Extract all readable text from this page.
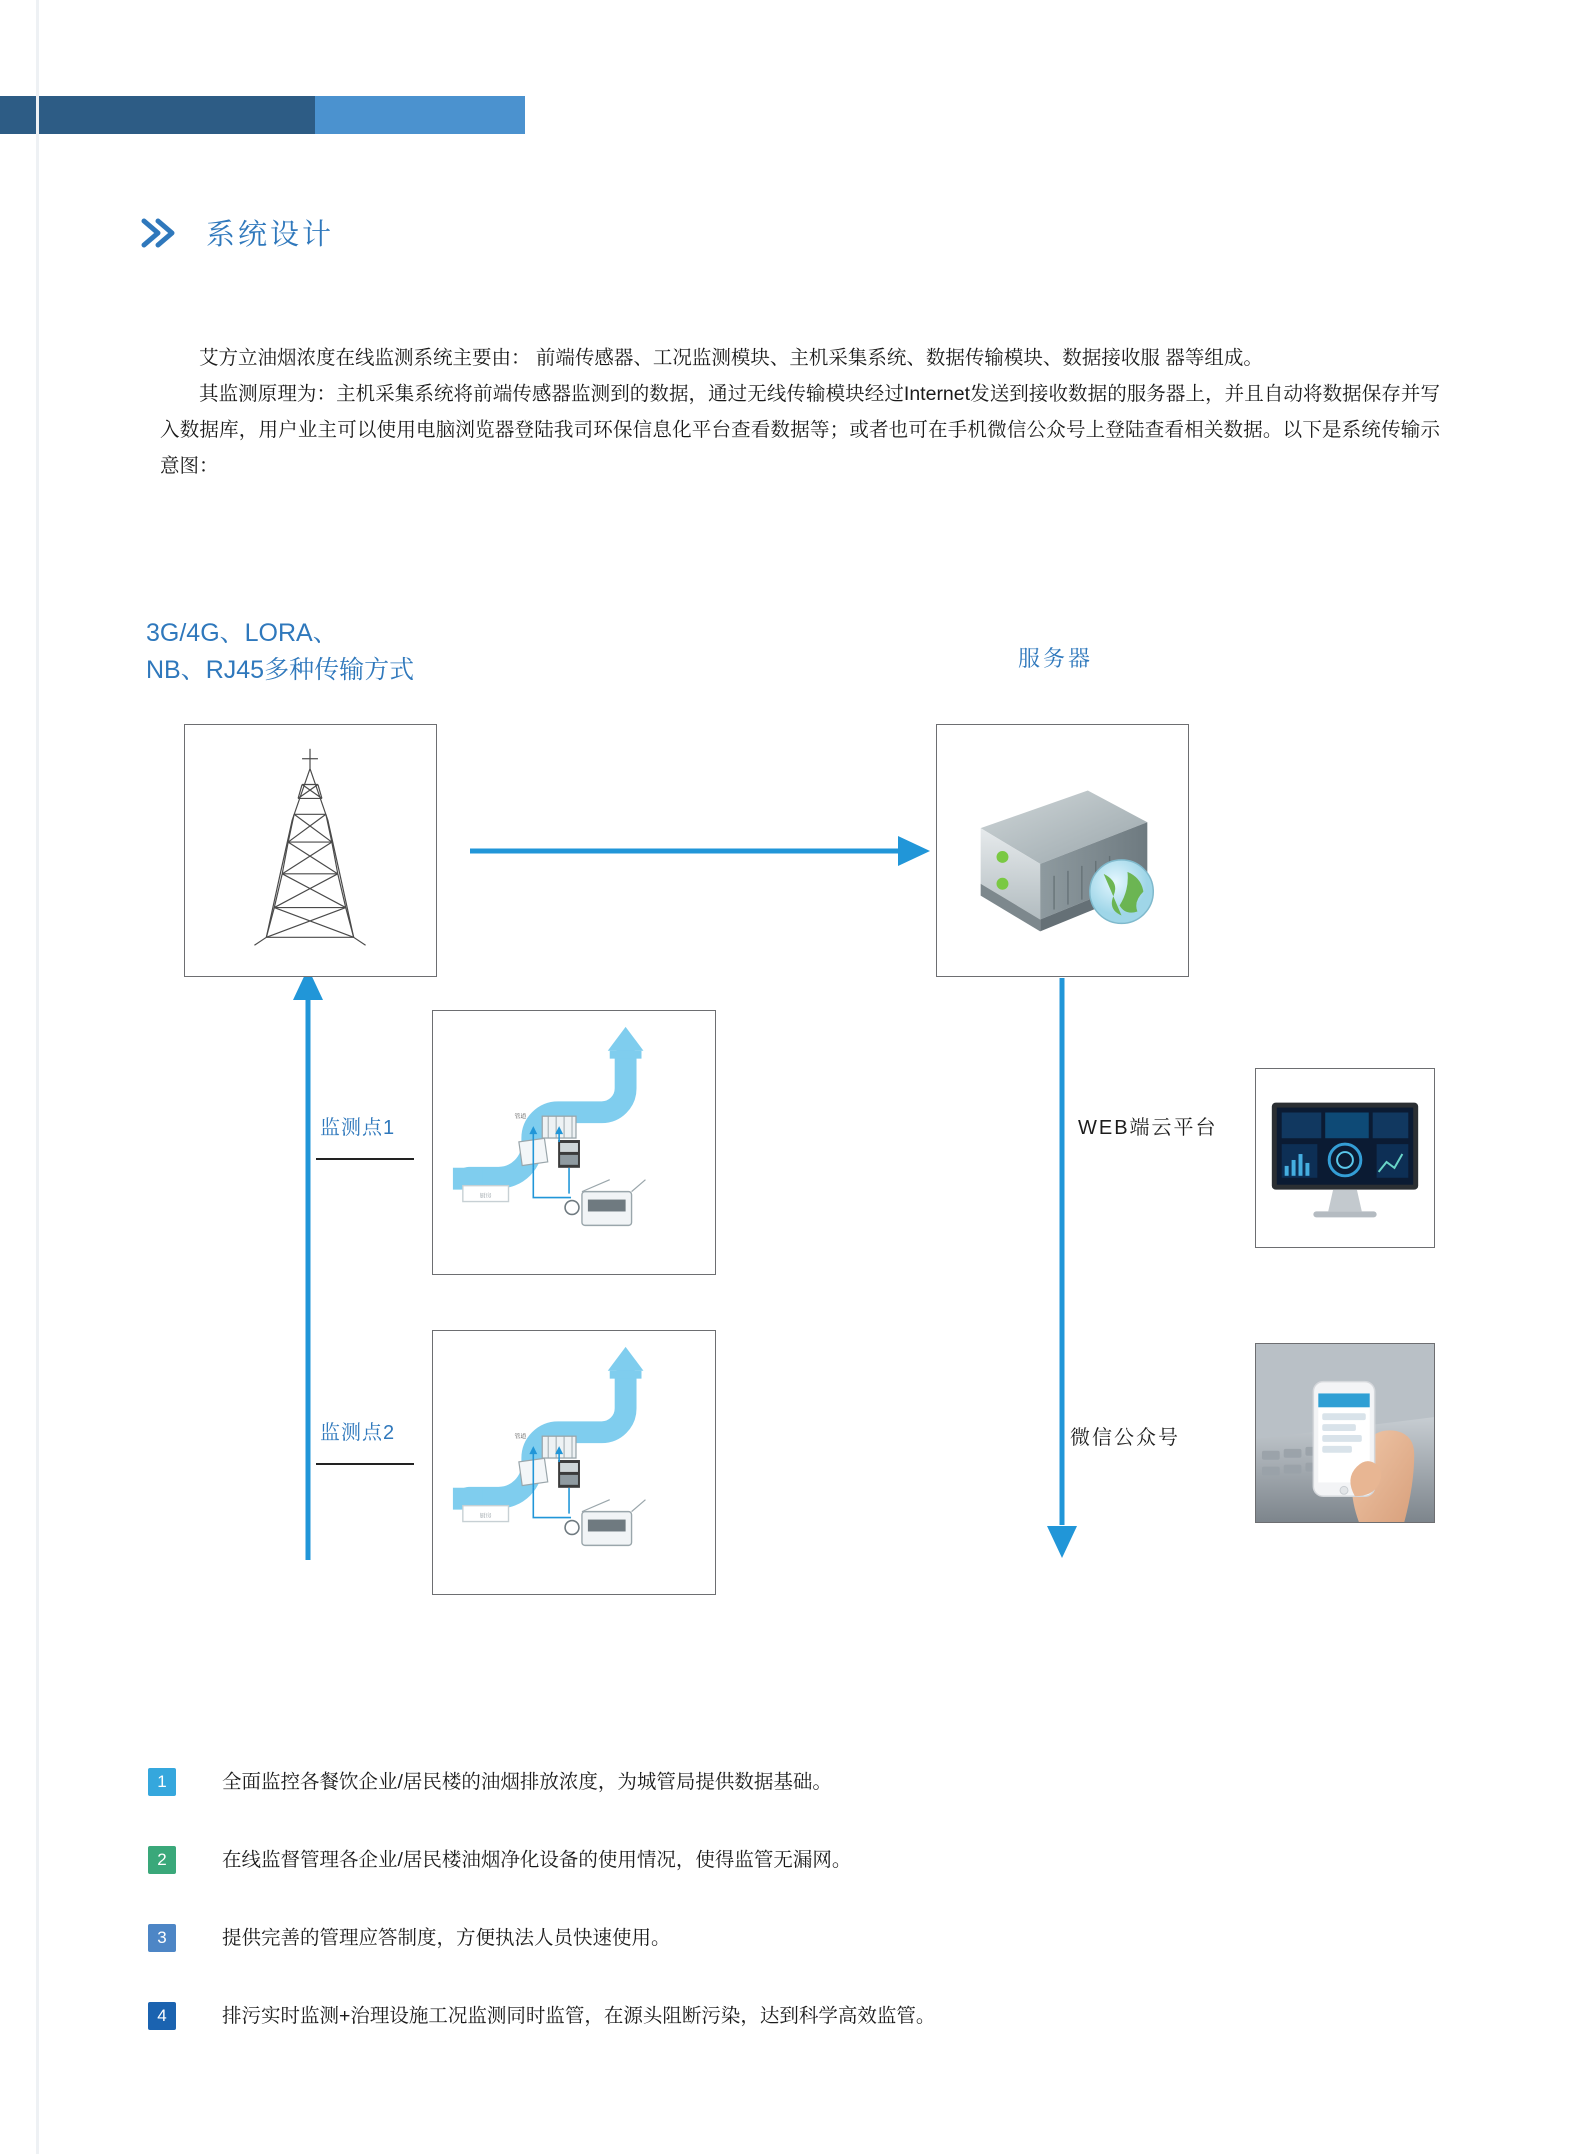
系统设计

艾方立油烟浓度在线监测系统主要由： 前端传感器、工况监测模块、主机采集系统、数据传输模块、数据接收服 器等组成。

其监测原理为：主机采集系统将前端传感器监测到的数据，通过无线传输模块经过Internet发送到接收数据的服务器上，并且自动将数据保存并写入数据库，用户业主可以使用电脑浏览器登陆我司环保信息化平台查看数据等；或者也可在手机微信公众号上登陆查看相关数据。以下是系统传输示意图：

3G/4G、LORA、
NB、RJ45多种传输方式	服务器
WEB端云平台
微信公众号
监测点1
监测点2
厨房
管道
厨房
管道
1	全面监控各餐饮企业/居民楼的油烟排放浓度，为城管局提供数据基础。
2	在线监督管理各企业/居民楼油烟净化设备的使用情况，使得监管无漏网。
3	提供完善的管理应答制度，方便执法人员快速使用。
4	排污实时监测+治理设施工况监测同时监管，在源头阻断污染，达到科学高效监管。
